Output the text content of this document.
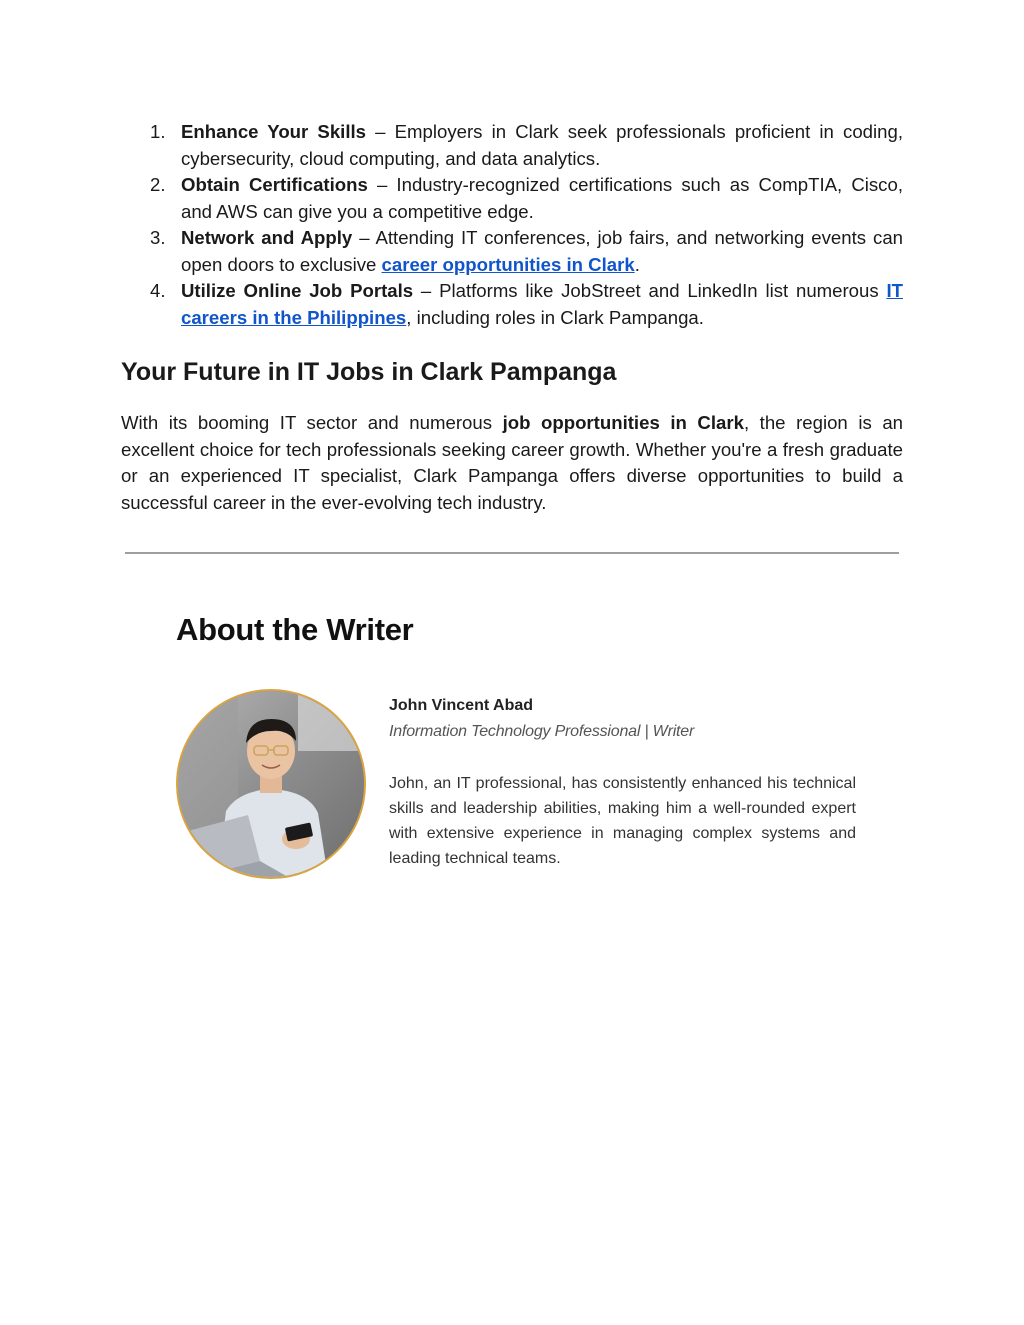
1. Enhance Your Skills – Employers in Clark seek professionals proficient in coding, cybersecurity, cloud computing, and data analytics.
2. Obtain Certifications – Industry-recognized certifications such as CompTIA, Cisco, and AWS can give you a competitive edge.
3. Network and Apply – Attending IT conferences, job fairs, and networking events can open doors to exclusive career opportunities in Clark.
4. Utilize Online Job Portals – Platforms like JobStreet and LinkedIn list numerous IT careers in the Philippines, including roles in Clark Pampanga.
Your Future in IT Jobs in Clark Pampanga

With its booming IT sector and numerous job opportunities in Clark, the region is an excellent choice for tech professionals seeking career growth. Whether you're a fresh graduate or an experienced IT specialist, Clark Pampanga offers diverse opportunities to build a successful career in the ever-evolving tech industry.

About the Writer
John Vincent Abad
Information Technology Professional | Writer

John, an IT professional, has consistently enhanced his technical skills and leadership abilities, making him a well-rounded expert with extensive experience in managing complex systems and leading technical teams.
